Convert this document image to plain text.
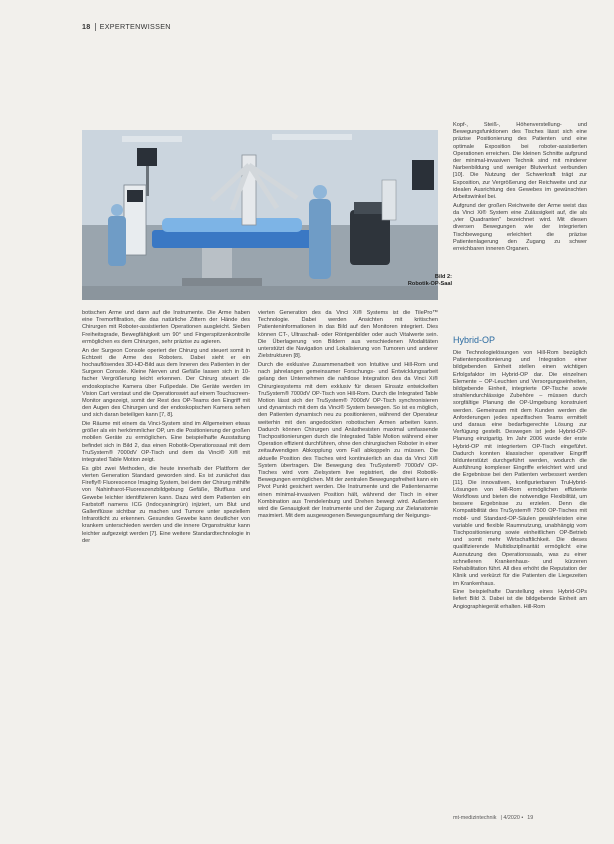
18 EXPERTENWISSEN
Bild 2:
Robotik-OP-Saal

botischen Arme und dann auf die Instrumente. Die Arme haben eine Tremorfiltration, die das natürliche Zittern der Hände des Chirurgen mit Roboter-assistierten Operationen ausgleicht. Sieben Freiheitsgrade, Bewegfähigkeit um 90° und Fingerspitzenkontrolle ermöglichen es dem Chirurgen, sehr präzise zu agieren.

An der Surgeon Console operiert der Chirurg und steuert somit in Echtzeit die Arme des Roboters. Dabei sieht er ein hochauflösendes 3D-HD-Bild aus dem Inneren des Patienten in der Surgeon Console. Kleine Nerven und Gefäße lassen sich in 10-facher Vergrößerung leicht erkennen. Der Chirurg steuert die endoskopische Kamera über Fußpedale. Die Geräte werden im Vision Cart verstaut und die Operationswirt auf einem Touchscreen-Monitor angezeigt, somit der Rest des OP-Teams den Eingriff mit den Augen des Chirurgen und der endoskopischen Kamera sehen und sich daran beteiligen kann [7, 8].

Die Räume mit einem da Vinci-System sind im Allgemeinen etwas größer als ein herkömmlicher OP, um die Positionierung der großen mobilen Geräte zu ermöglichen. Eine beispielhafte Ausstattung befindet sich in Bild 2, das einen Robotik-Operationssaal mit dem TruSystem® 7000dV OP-Tisch und dem da Vinci® Xi® mit integrated Table Motion zeigt.

Es gibt zwei Methoden, die heute innerhalb der Plattform der vierten Generation Standard geworden sind. Es ist zunächst das Firefly® Fluorescence Imaging System, bei dem der Chirurg mithilfe von Nahinfrarot-Fluoreszenzbildgebung Gefäße, Blutfluss und Gewebe leichter identifizieren kann. Dazu wird dem Patienten ein Farbstoff namens ICG (Indocyaningrün) injiziert, um Blut und Gallenflüsse sichtbar zu machen und Tumore unter speziellem Infrarotlicht zu erkennen. Gesundes Gewebe kann deutlicher von krankem unterschieden werden und die innere Organstruktur kann leichter aufgezeigt werden [7]. Eine weitere Standardtechnologie in der

vierten Generation des da Vinci Xi® Systems ist die TilePro™ Technologie. Dabei werden Ansichten mit kritischen Patienteninformationen in das Bild auf den Monitoren integriert. Dies können CT-, Ultraschall- oder Röntgenbilder oder auch Vitalwerte sein. Die Überlagerung von Bildern aus verschiedenen Modalitäten unterstützt die Navigation und Lokalisierung von Tumoren und anderer Zielstrukturen [8].

Durch die exklusive Zusammenarbeit von Intuitive und Hill-Rom und nach jahrelangen gemeinsamer Forschungs- und Entwicklungsarbeit gelang den Unternehmen die nahtlose Integration des da Vinci Xi® Chirurgiesystems mit dem exklusiv für diesen Einsatz entwickelten TruSystem® 7000dV OP-Tisch von Hill-Rom. Durch die Integrated Table Motion lässt sich der TruSystem® 7000dV OP-Tisch synchronisieren und dynamisch mit dem da Vinci® System bewegen. So ist es möglich, den Patienten dynamisch neu zu positionieren, während der Operateur weiterhin mit den angedockten robotischen Armen arbeiten kann. Dadurch können Chirurgen und Anästhesisten maximal umfassende Tischpositionierungen durch die Integrated Table Motion während einer Operation effizient durchführen, ohne den chirurgischen Roboter in einer zeitaufwendigen Abkopplung vom Fall abkoppeln zu müssen. Die aktuelle Position des Tisches wird kontinuierlich an das da Vinci Xi® System übertragen. Die Bewegung des TruSystem® 7000dV OP-Tisches wird vom Zielsystem live registriert, die drei Robotik-Bewegungen ermöglichen. Mit der zentralen Bewegungsfreiheit kann ein Pivot Punkt gesichert werden. Die Instrumente und die Patientenarme einen minimal-invasiven Position hält, während der Tisch in einer Kombination aus Trendelenburg und Drehen bewegt wird. Außerdem wird die Genauigkeit der Instrumente und der Zugang zur Zielanatomie maximiert. Mit dem ausgewogenen Bewegungsumfang der Neigungs-

Kopf-, Steiß-, Höhenverstellung- und Bewegungsfunktionen des Tisches lässt sich eine präzise Positionierung des Patienten und eine optimale Exposition bei roboter-assistierten Operationen erreichen. Die kleinen Schnitte aufgrund der minimal-invasiven Technik sind mit minderer Narbenbildung und weniger Blutverlust verbunden [10]. Die Nutzung der Schwerkraft trägt zur Exposition, zur Vergrößerung der Reichweite und zur idealen Ausrichtung des Gewebes im gewünschten Arbeitswinkel bei.

Aufgrund der großen Reichweite der Arme weist das da Vinci Xi® System eine Zulässigkeit auf, die als „vier Quadranten“ bezeichnet wird. Mit diesen diversen Bewegungen wie der integrierten Tischbewegung erleichtert die präzise Patientenlagerung den Zugang zu schwer erreichbaren inneren Organen.

Hybrid-OP

Die Technologielösungen von Hill-Rom bezüglich Patientenpositionierung und Integration einer bildgebenden Einheit stellen einen wichtigen Erfolgsfaktor im Hybrid-OP dar. Die einzelnen Elemente – OP-Leuchten und Versorgungseinheiten, bildgebende Einheit, integrierte OP-Tische sowie strahlendurchlässige Zubehöre – müssen durch sorgfältige Planung die OP-Umgebung konstruiert werden. Gemeinsam mit dem Kunden werden die Anforderungen jedes spezifischen Teams ermittelt und daraus eine bedarfsgerechte Lösung zur Verfügung gestellt. Deswegen ist jede Hybrid-OP-Planung einzigartig. Im Jahr 2006 wurde der erste Hybrid-OP mit integriertem OP-Tisch eingeführt. Dadurch konnten klassischer operativer Eingriff bildunterstützt durchgeführt werden, wodurch die Ausführung komplexer Eingriffe erleichtert wird und die Ergebnisse bei den Patienten verbessert werden [11]. Die innovativen, konfigurierbaren TruHybrid-Lösungen von Hill-Rom ermöglichen effiziente Workflows und bieten die notwendige Flexibilität, um bessere Ergebnisse zu erzielen. Denn die Kompatibilität des TruSystem® 7500 OP-Tisches mit mobil- und Standard-OP-Säulen gewährleisten eine variable und flexible Raumnutzung, unabhängig vom Tischpositionierung sowie einheitlichen OP-Betrieb und somit mehr Wirtschaftlichkeit. Die dieses qualifizierende Multidisziplinarität ermöglicht eine Ausnutzung des Operationssaals, was zu einer schnelleren Krankenhaus- und kürzeren Rehabilitation führt. All dies erhöht die Reputation der Klinik und verkürzt für die Patienten die Liegezeiten im Krankenhaus.

Eine beispielhafte Darstellung eines Hybrid-OPs liefert Bild 3. Dabei ist die bildgebende Einheit am Angiographiegerät erhalten. Hill-Rom

mt-medizintechnik | 4/2020 • 19
